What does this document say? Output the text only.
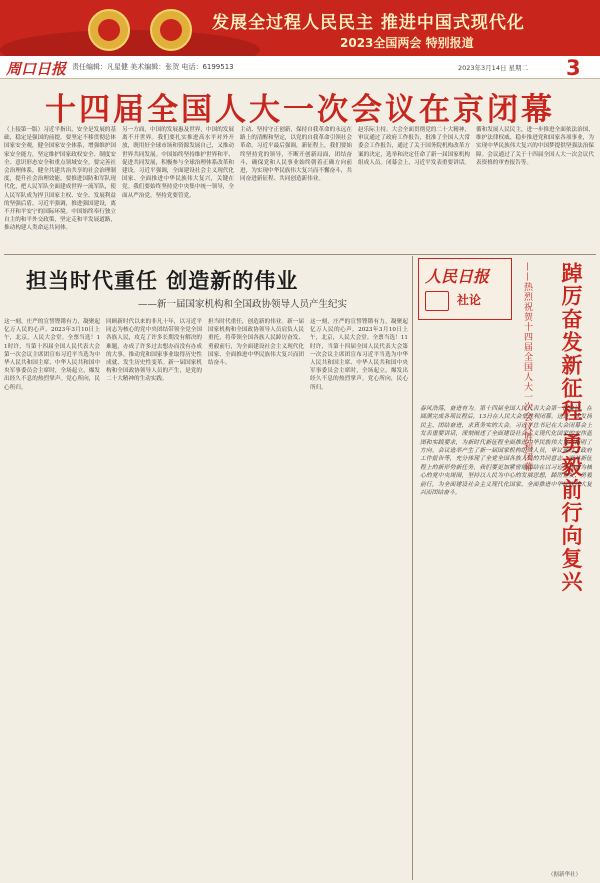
发展全过程人民民主 推进中国式现代化
2023全国两会 特别报道
周口日报 责任编辑：凡星健 美术编辑：张贺 电话：6199513	2023年3月14日 星期二 3
十四届全国人大一次会议在京闭幕

（上接第一版）习近平指出，安全是发展的基础，稳定是强国的前提。要坚定不移贯彻总体国家安全观，健全国家安全体系，增强维护国家安全能力，坚定维护国家政权安全、制度安全、意识形态安全和重点领域安全。要完善社会治理体系，健全共建共治共享的社会治理制度，提升社会治理效能。要推进国防和军队现代化，把人民军队全面建成世界一流军队，使人民军队成为捍卫国家主权、安全、发展利益的坚强后盾。习近平强调，推进强国建设，离不开和平安宁的国际环境。中国始终奉行独立自主的和平外交政策，坚定走和平发展道路，推动构建人类命运共同体。

另一方面，中国的发展惠及世界，中国的发展离不开世界。我们要扎实推进高水平对外开放，既用好全球市场和资源发展自己，又推动世界共同发展。中国始终坚持维护世界和平、促进共同发展，积极参与全球治理体系改革和建设。习近平强调，全面建设社会主义现代化国家、全面推进中华民族伟大复兴，关键在党。我们要始终坚持党中央集中统一领导，全面从严治党，坚持党要管党。

主动、坚持守正创新，保持自我革命的永远在路上的清醒和坚定，以党的自我革命引领社会革命。习近平最后强调，新征程上，我们要始终坚持党的领导，不断开创新局面，团结奋斗，确保党和人民事业始终朝着正确方向前进，为实现中华民族伟大复兴而不懈奋斗，共同奋进新征程、共同创造新伟业。

赵乐际主持。大会全面贯彻党的二十大精神，审议通过了政府工作报告，批准了全国人大常委会工作报告，通过了关于国务院机构改革方案的决定，选举和决定任命了新一届国家机构组成人员。闭幕会上，习近平发表重要讲话。

循和发展人民民主，进一步推进全面依法治国、维护法律权威、稳步推进党和国家各项事业，为实现中华民族伟大复兴的中国梦提供坚强法治保障。会议通过了关于十四届全国人大一次会议代表资格的审查报告等。

担当时代重任 创造新的伟业
——新一届国家机构和全国政协领导人员产生纪实

这一刻，庄严的宣誓铿锵有力，凝聚起亿万人民的心声。2023年3月10日上午，北京，人民大会堂。全票当选！11时许，当第十四届全国人民代表大会第一次会议主席团宣布习近平当选为中华人民共和国主席、中华人民共和国中央军事委员会主席时，全场起立，爆发出经久不息的热烈掌声。党心所向，民心所归。

回顾新时代以来的非凡十年，以习近平同志为核心的党中央团结带领全党全国各族人民，攻克了许多长期没有解决的难题，办成了许多过去想办而没有办成的大事，推动党和国家事业取得历史性成就、发生历史性变革。新一届国家机构和全国政协领导人员的产生，是党的二十大精神的生动实践。

担当时代重任，创造新的伟业。新一届国家机构和全国政协领导人员肩负人民重托，将带领全国各族人民踔厉奋发、勇毅前行，为全面建设社会主义现代化国家、全面推进中华民族伟大复兴而团结奋斗。

这一刻，庄严的宣誓铿锵有力，凝聚起亿万人民的心声。2023年3月10日上午，北京，人民大会堂。全票当选！11时许，当第十四届全国人民代表大会第一次会议主席团宣布习近平当选为中华人民共和国主席、中华人民共和国中央军事委员会主席时，全场起立，爆发出经久不息的热烈掌声。党心所向，民心所归。

人民日报
社论	踔厉奋发新征程 勇毅前行向复兴
——热烈祝贺十四届全国人大一次会议胜利闭幕

春风浩荡，奋进有为。第十四届全国人民代表大会第一次会议，在圆满完成各项议程后，13日在人民大会堂胜利闭幕。这是一次发扬民主、团结奋进、求真务实的大会。习近平总书记在大会闭幕会上发表重要讲话，深刻阐述了全面建设社会主义现代化国家的宏伟蓝图和实践要求，为新时代新征程全面推进中华民族伟大复兴指明了方向。会议选举产生了新一届国家机构组成人员，审议通过了政府工作报告等，充分体现了全党全国各族人民的共同意志。面对新征程上的新形势新任务，我们要更加紧密地团结在以习近平同志为核心的党中央周围，坚持以人民为中心的发展思想，踔厉奋发、勇毅前行，为全面建设社会主义现代化国家、全面推进中华民族伟大复兴而团结奋斗。

（据新华社）
